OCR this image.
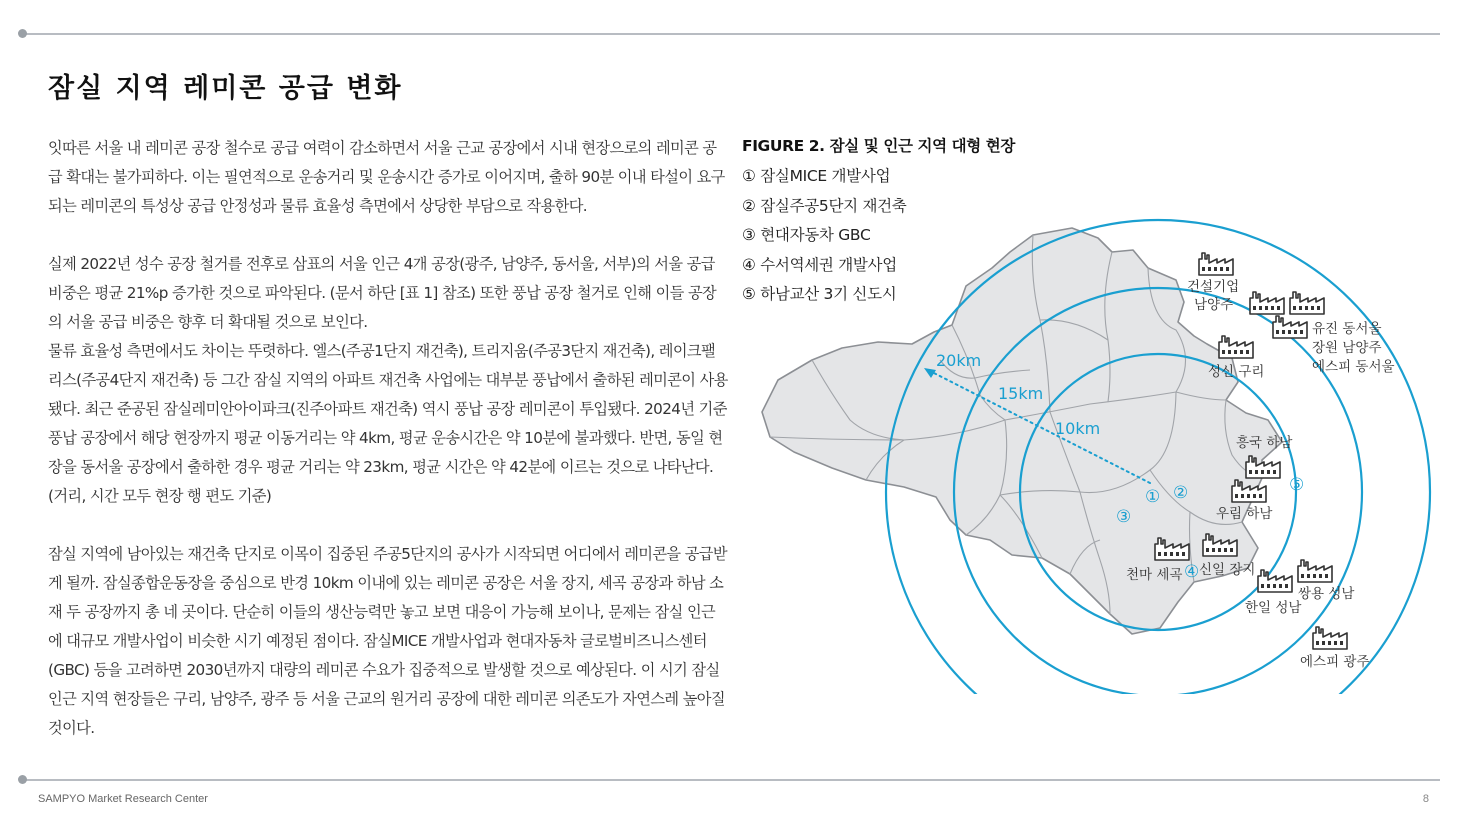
잠실 지역 레미콘 공급 변화

잇따른 서울 내 레미콘 공장 철수로 공급 여력이 감소하면서 서울 근교 공장에서 시내 현장으로의 레미콘 공급 확대는 불가피하다. 이는 필연적으로 운송거리 및 운송시간 증가로 이어지며, 출하 90분 이내 타설이 요구되는 레미콘의 특성상 공급 안정성과 물류 효율성 측면에서 상당한 부담으로 작용한다.

실제 2022년 성수 공장 철거를 전후로 삼표의 서울 인근 4개 공장(광주, 남양주, 동서울, 서부)의 서울 공급 비중은 평균 21%p 증가한 것으로 파악된다. (문서 하단 [표 1] 참조) 또한 풍납 공장 철거로 인해 이들 공장의 서울 공급 비중은 향후 더 확대될 것으로 보인다.

물류 효율성 측면에서도 차이는 뚜렷하다. 엘스(주공1단지 재건축), 트리지움(주공3단지 재건축), 레이크팰리스(주공4단지 재건축) 등 그간 잠실 지역의 아파트 재건축 사업에는 대부분 풍납에서 출하된 레미콘이 사용됐다. 최근 준공된 잠실레미안아이파크(진주아파트 재건축) 역시 풍납 공장 레미콘이 투입됐다. 2024년 기준 풍납 공장에서 해당 현장까지 평균 이동거리는 약 4km, 평균 운송시간은 약 10분에 불과했다. 반면, 동일 현장을 동서울 공장에서 출하한 경우 평균 거리는 약 23km, 평균 시간은 약 42분에 이르는 것으로 나타난다. (거리, 시간 모두 현장 행 편도 기준)

잠실 지역에 남아있는 재건축 단지로 이목이 집중된 주공5단지의 공사가 시작되면 어디에서 레미콘을 공급받게 될까. 잠실종합운동장을 중심으로 반경 10km 이내에 있는 레미콘 공장은 서울 장지, 세곡 공장과 하남 소재 두 공장까지 총 네 곳이다. 단순히 이들의 생산능력만 놓고 보면 대응이 가능해 보이나, 문제는 잠실 인근에 대규모 개발사업이 비슷한 시기 예정된 점이다. 잠실MICE 개발사업과 현대자동차 글로벌비즈니스센터(GBC) 등을 고려하면 2030년까지 대량의 레미콘 수요가 집중적으로 발생할 것으로 예상된다. 이 시기 잠실 인근 지역 현장들은 구리, 남양주, 광주 등 서울 근교의 원거리 공장에 대한 레미콘 의존도가 자연스레 높아질 것이다.

FIGURE 2. 잠실 및 인근 지역 대형 현장
① 잠실MICE 개발사업
② 잠실주공5단지 재건축
③ 현대자동차 GBC
④ 수서역세권 개발사업
⑤ 하남교산 3기 신도시
20km
15km
10km
① ②
③
④
⑤
건설기업
남양주
유진 동서울
장원 남양주
에스피 동서울
성신 구리
흥국 하남
우림 하남
천마 세곡 신일 장지
한일 성남
쌍용 성남
에스피 광주
SAMPYO Market Research Center	8
